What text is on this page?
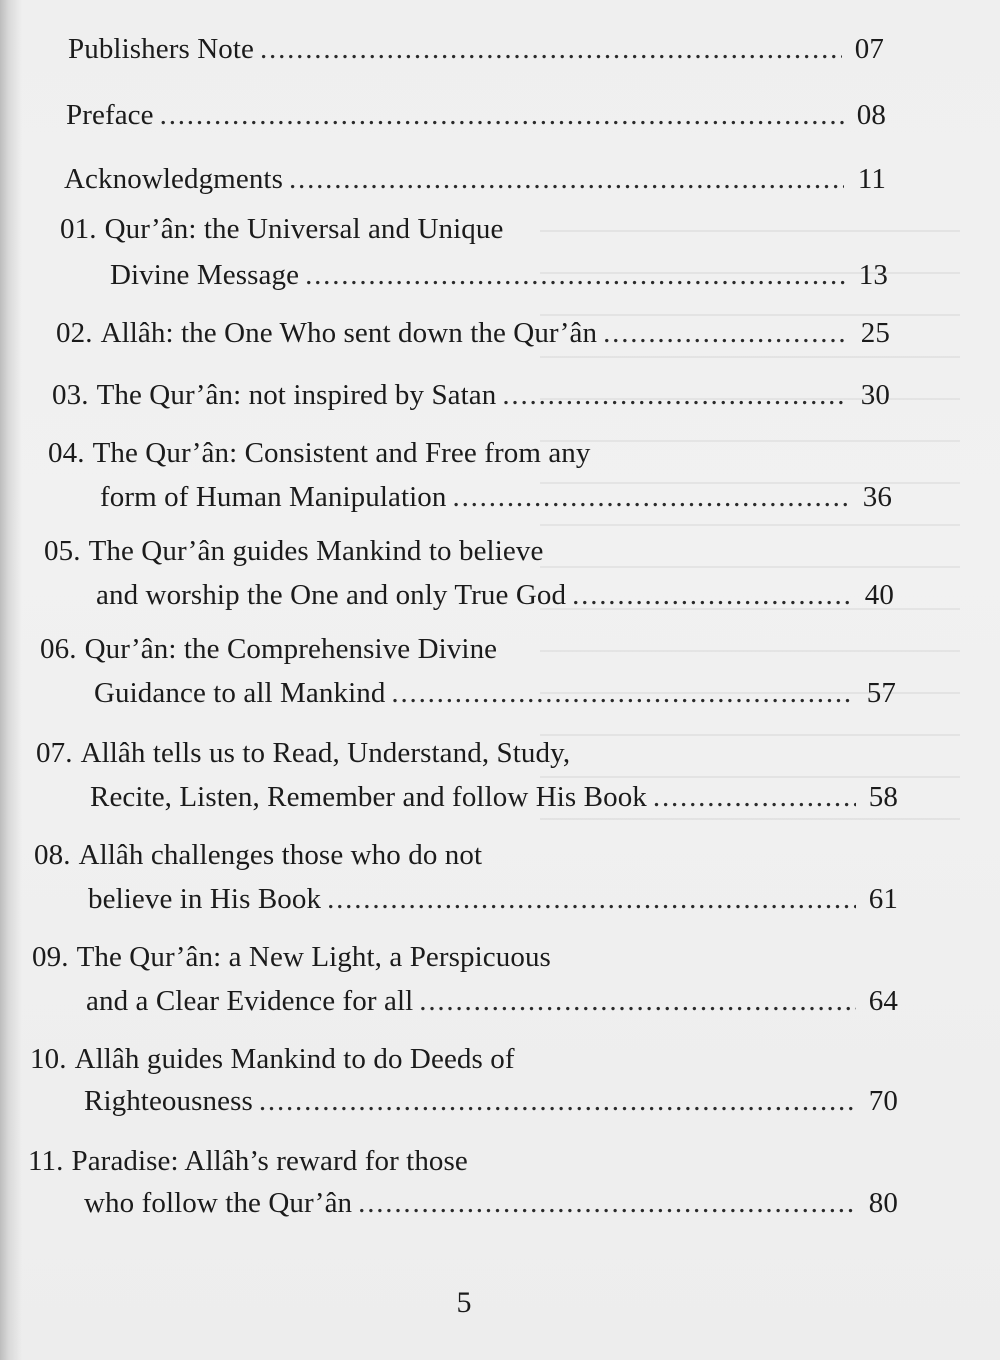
Publishers Note .....	07
Preface .....	08
Acknowledgments .....	11
01. Qur’ân: the Universal and Unique
Divine Message .....	13
02. Allâh: the One Who sent down the Qur’ân .....	25
03. The Qur’ân: not inspired by Satan .....	30
04. The Qur’ân: Consistent and Free from any
form of Human Manipulation .....	36
05. The Qur’ân guides Mankind to believe
and worship the One and only True God .....	40
06. Qur’ân: the Comprehensive Divine
Guidance to all Mankind .....	57
07. Allâh tells us to Read, Understand, Study,
Recite, Listen, Remember and follow His Book .....	58
08. Allâh challenges those who do not
believe in His Book .....	61
09. The Qur’ân: a New Light, a Perspicuous
and a Clear Evidence for all .....	64
10. Allâh guides Mankind to do Deeds of
Righteousness .....	70
11. Paradise: Allâh’s reward for those
who follow the Qur’ân .....	80
5
